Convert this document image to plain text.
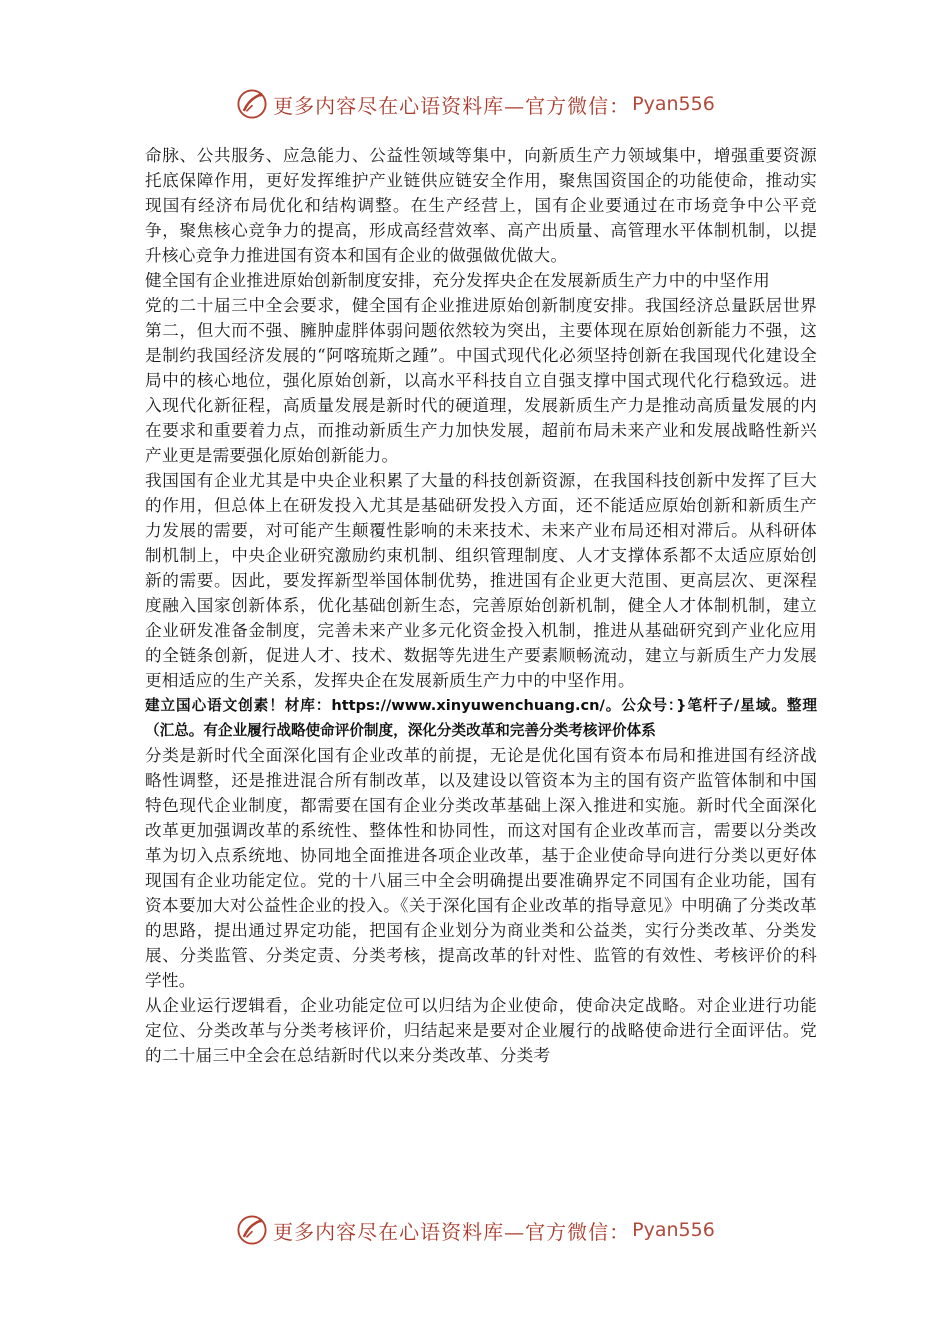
更多内容尽在心语资料库—官方微信： Pyan556

命脉、公共服务、应急能力、公益性领域等集中，向新质生产力领域集中，增强重要资源托底保障作用，更好发挥维护产业链供应链安全作用，聚焦国资国企的功能使命，推动实现国有经济布局优化和结构调整。在生产经营上，国有企业要通过在市场竞争中公平竞争，聚焦核心竞争力的提高，形成高经营效率、高产出质量、高管理水平体制机制，以提升核心竞争力推进国有资本和国有企业的做强做优做大。

健全国有企业推进原始创新制度安排，充分发挥央企在发展新质生产力中的中坚作用

党的二十届三中全会要求，健全国有企业推进原始创新制度安排。我国经济总量跃居世界第二，但大而不强、臃肿虚胖体弱问题依然较为突出，主要体现在原始创新能力不强，这是制约我国经济发展的“阿喀琉斯之踵”。中国式现代化必须坚持创新在我国现代化建设全局中的核心地位，强化原始创新，以高水平科技自立自强支撑中国式现代化行稳致远。进入现代化新征程，高质量发展是新时代的硬道理，发展新质生产力是推动高质量发展的内在要求和重要着力点，而推动新质生产力加快发展，超前布局未来产业和发展战略性新兴产业更是需要强化原始创新能力。

我国国有企业尤其是中央企业积累了大量的科技创新资源，在我国科技创新中发挥了巨大的作用，但总体上在研发投入尤其是基础研发投入方面，还不能适应原始创新和新质生产力发展的需要，对可能产生颠覆性影响的未来技术、未来产业布局还相对滞后。从科研体制机制上，中央企业研究激励约束机制、组织管理制度、人才支撑体系都不太适应原始创新的需要。因此，要发挥新型举国体制优势，推进国有企业更大范围、更高层次、更深程度融入国家创新体系，优化基础创新生态，完善原始创新机制，健全人才体制机制，建立企业研发准备金制度，完善未来产业多元化资金投入机制，推进从基础研究到产业化应用的全链条创新，促进人才、技术、数据等先进生产要素顺畅流动，建立与新质生产力发展更相适应的生产关系，发挥央企在发展新质生产力中的中坚作用。

建立国心语文创素！材库：https://www.xinyuwenchuang.cn/。公众号：}笔杆子/星域。整理（汇总。有企业履行战略使命评价制度，深化分类改革和完善分类考核评价体系

分类是新时代全面深化国有企业改革的前提，无论是优化国有资本布局和推进国有经济战略性调整，还是推进混合所有制改革，以及建设以管资本为主的国有资产监管体制和中国特色现代企业制度，都需要在国有企业分类改革基础上深入推进和实施。新时代全面深化改革更加强调改革的系统性、整体性和协同性，而这对国有企业改革而言，需要以分类改革为切入点系统地、协同地全面推进各项企业改革，基于企业使命导向进行分类以更好体现国有企业功能定位。党的十八届三中全会明确提出要准确界定不同国有企业功能，国有资本要加大对公益性企业的投入。《关于深化国有企业改革的指导意见》中明确了分类改革的思路，提出通过界定功能，把国有企业划分为商业类和公益类，实行分类改革、分类发展、分类监管、分类定责、分类考核，提高改革的针对性、监管的有效性、考核评价的科学性。

从企业运行逻辑看，企业功能定位可以归结为企业使命，使命决定战略。对企业进行功能定位、分类改革与分类考核评价，归结起来是要对企业履行的战略使命进行全面评估。党的二十届三中全会在总结新时代以来分类改革、分类考

更多内容尽在心语资料库—官方微信： Pyan556
